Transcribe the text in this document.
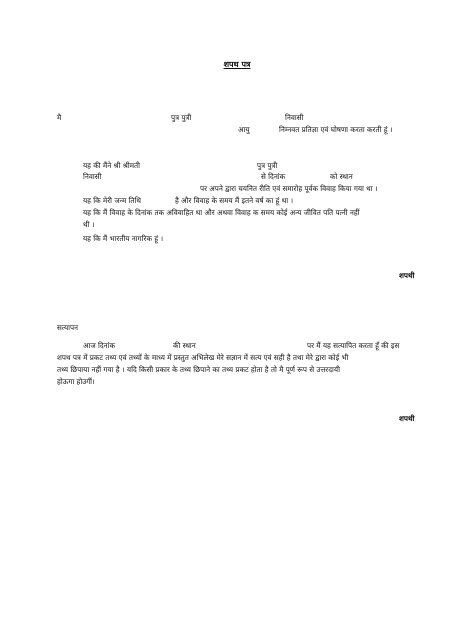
शपथ पत्र

मै	पुत्र पुत्री	निवासी

आयु	निम्नवत प्रतिज्ञा एवं घोषणा करता करती हूं ।

यह की मैंने श्री श्रीमती	पुत्र पुत्री

निवासी	से दिनांक	को स्थान

पर अपने द्वारा चयनित रीति एवं समारोह पूर्वक विवाह किया गया था ।

यह कि मेरी जन्म तिथि	है और विवाह के समय मैं इतने वर्ष का हूं था ।

यह कि मैं विवाह के दिनांक तक अविवाहित था और अथवा विवाह क समय कोई अन्य जीवित पति पत्नी नहीं

थी ।

यह कि मैं भारतीय नागरिक हूं ।

शपथी

सत्यापन

आज दिनांक	की स्थान	पर मैं यह सत्यापित करता हूँ की इस

शपथ पत्र में प्रकट तथ्य एवं तथ्यों के माध्य में प्रस्तुत अभिलेख मेरे सज्ञान में सत्य एवं सही है तथा मेरे द्वारा कोई भी

तथ्य छिपाया नहीं गया है । यदि किसी प्रकार के तथ्य छिपाने का तथ्य प्रकट होता है तो मै पूर्ण रूप से उत्तरदायी

होऊगा होउगीं।

शपथी
